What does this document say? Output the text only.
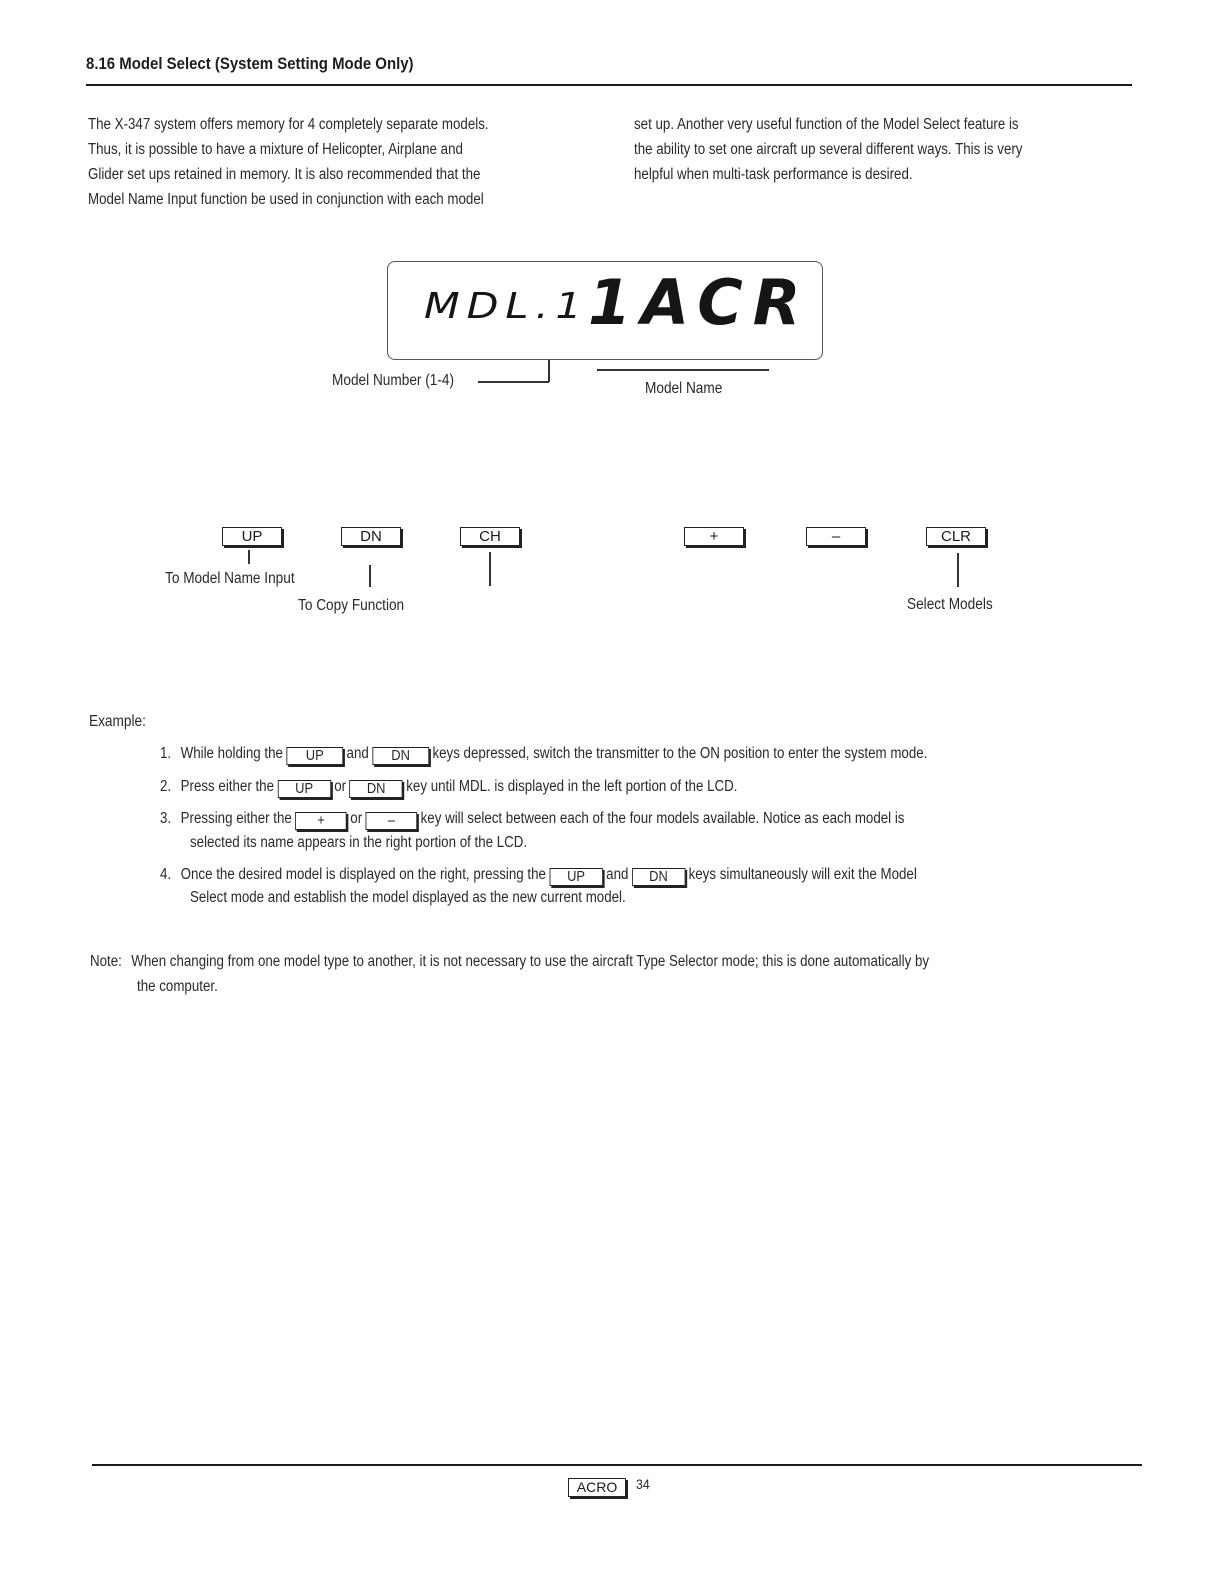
8.16 Model Select (System Setting Mode Only)
The X-347 system offers memory for 4 completely separate models.
Thus, it is possible to have a mixture of Helicopter, Airplane and
Glider set ups retained in memory. It is also recommended that the
Model Name Input function be used in conjunction with each model
set up. Another very useful function of the Model Select feature is
the ability to set one aircraft up several different ways. This is very
helpful when multi-task performance is desired.
MDL.1 1ACR
Model Number (1-4)	Model Name
UP	DN	CH	+	–	CLR
To Model Name Input
To Copy Function	Select Models
Example:
1. While holding the UP and DN keys depressed, switch the transmitter to the ON position to enter the system mode.
2. Press either the UP or DN key until MDL. is displayed in the left portion of the LCD.
3. Pressing either the + or – key will select between each of the four models available. Notice as each model is
selected its name appears in the right portion of the LCD.
4. Once the desired model is displayed on the right, pressing the UP and DN keys simultaneously will exit the Model
Select mode and establish the model displayed as the new current model.
Note: When changing from one model type to another, it is not necessary to use the aircraft Type Selector mode; this is done automatically by
the computer.
ACRO	34
